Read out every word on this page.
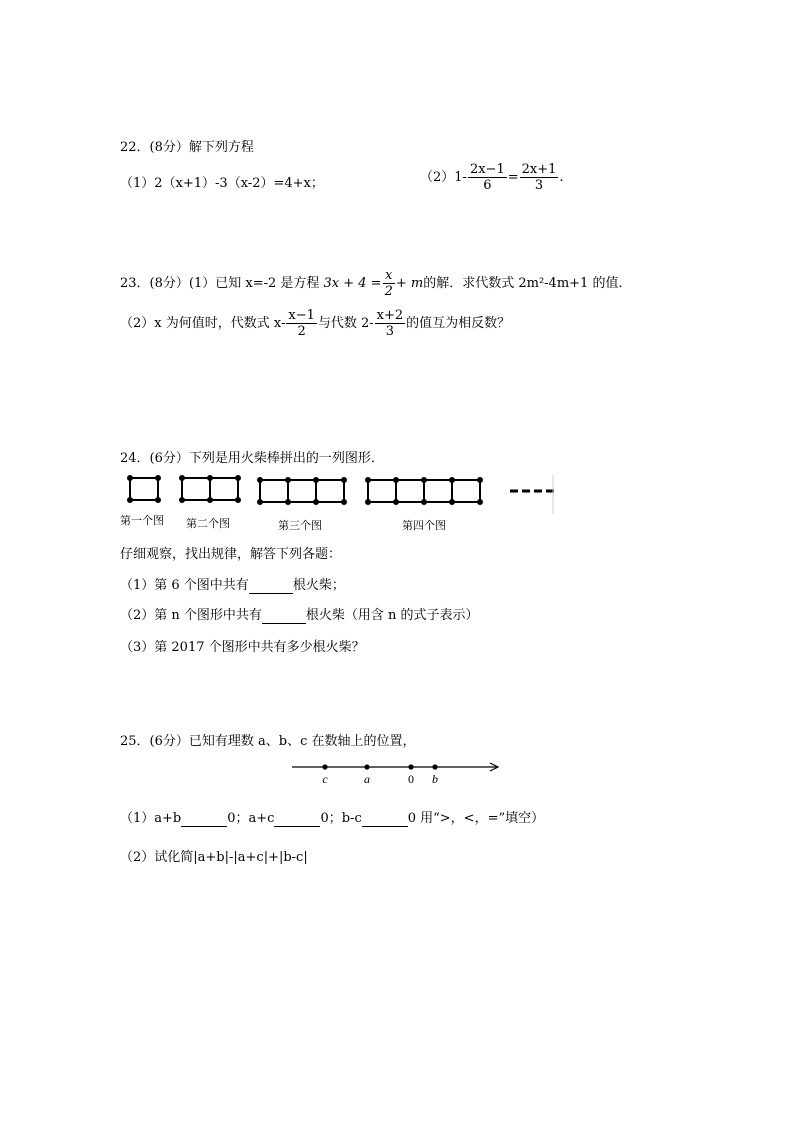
22．(8分）解下列方程
（1）2（x+1）-3（x-2）=4+x；	$(2)1- \frac{2x-1}{6} = \frac{2x+1}{3}$ .
23．(8分）(1）已知 x=-2 是方程 $3x + 4 = \frac{x}{2} + m$的解．求代数式 2m²-4m+1 的值．
（2）x 为何值时，代数式 $x- \frac{x-1}{2}$ 与代数 $2- \frac{x+2}{3}$ 的值互为相反数？
24．(6分）下列是用火柴棒拼出的一列图形．
第一个图 第二个图	第三个图	第四个图
仔细观察，找出规律，解答下列各题：
（1）第 6 个图中共有	根火柴；
（2）第 n 个图形中共有	根火柴（用含 n 的式子表示）
（3）第 2017 个图形中共有多少根火柴？
25．(6分）已知有理数 a、b、c 在数轴上的位置，
c	a	0 b
（1）a+b	0；a+c	0；b-c	0 用“>，<，=”填空）
（2）试化简|a+b|-|a+c|+|b-c|
